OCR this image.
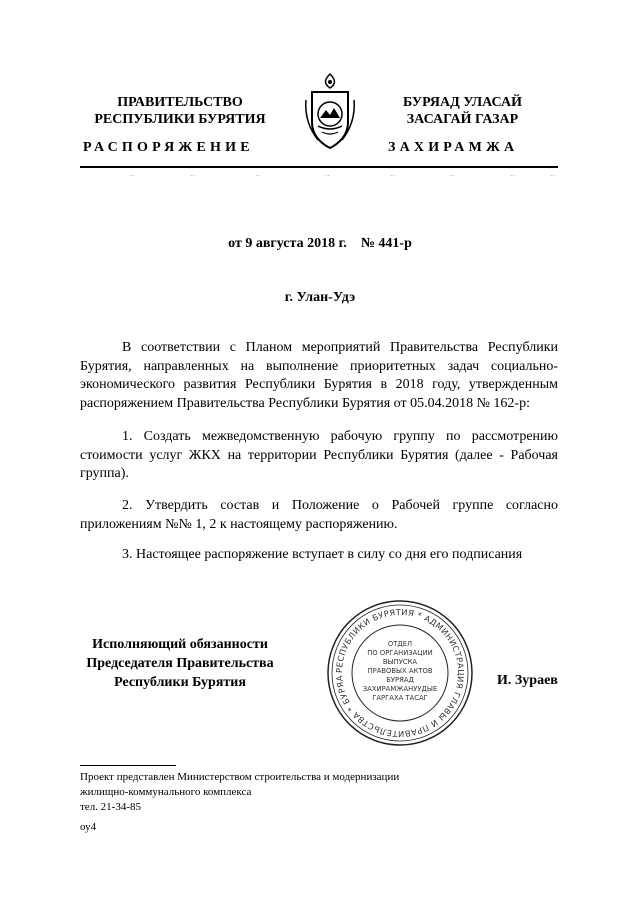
ПРАВИТЕЛЬСТВО
РЕСПУБЛИКИ БУРЯТИЯ
БУРЯАД УЛАСАЙ
ЗАСАГАЙ ГАЗАР
РАСПОРЯЖЕНИЕ	ЗАХИРАМЖА
‥	‥	‥	‥	‥	‥	‥	‥
от 9 августа 2018 г.    № 441-р
г. Улан-Удэ
В соответствии с Планом мероприятий Правительства Республики Бурятия, направленных на выполнение приоритетных задач социально-экономического развития Республики Бурятия в 2018 году, утвержденным распоряжением Правительства Республики Бурятия от 05.04.2018 № 162-р:
1. Создать межведомственную рабочую группу по рассмотрению стоимости услуг ЖКХ на территории Республики Бурятия (далее - Рабочая группа).
2. Утвердить состав и Положение о Рабочей группе согласно приложениям №№ 1, 2 к настоящему распоряжению.
3. Настоящее распоряжение вступает в силу со дня его подписания
Исполняющий обязанности
Председателя Правительства
Республики Бурятия
РЕСПУБЛИКИ БУРЯТИЯ * АДМИНИСТРАЦИЯ ГЛАВЫ И ПРАВИТЕЛЬСТВА * БУРЯА
ОТДЕЛ
ПО ОРГАНИЗАЦИИ
ВЫПУСКА
ПРАВОВЫХ АКТОВ
БУРЯАД
ЗАХИРАМЖАНУУДЫЕ
ГАРГАХА ТАСАГ
И. Зураев
Проект представлен Министерством строительства и модернизации
жилищно-коммунального комплекса
тел. 21-34-85
оу4
